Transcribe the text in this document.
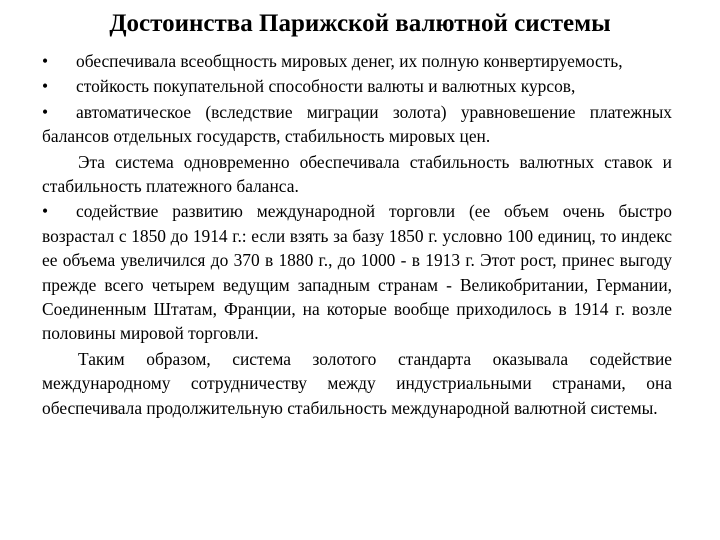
Достоинства Парижской валютной системы

• обеспечивала всеобщность мировых денег, их полную конвертируемость,

• стойкость покупательной способности валюты и валютных курсов,

• автоматическое (вследствие миграции золота) уравновешение платежных балансов отдельных государств, стабильность мировых цен.

Эта система одновременно обеспечивала стабильность валютных ставок и стабильность платежного баланса.

• содействие развитию международной торговли (ее объем очень быстро возрастал с 1850 до 1914 г.: если взять за базу 1850 г. условно 100 единиц, то индекс ее объема увеличился до 370 в 1880 г., до 1000 - в 1913 г. Этот рост, принес выгоду прежде всего четырем ведущим западным странам - Великобритании, Германии, Соединенным Штатам, Франции, на которые вообще приходилось в 1914 г. возле половины мировой торговли.

Таким образом, система золотого стандарта оказывала содействие международному сотрудничеству между индустриальными странами, она обеспечивала продолжительную стабильность международной валютной системы.
